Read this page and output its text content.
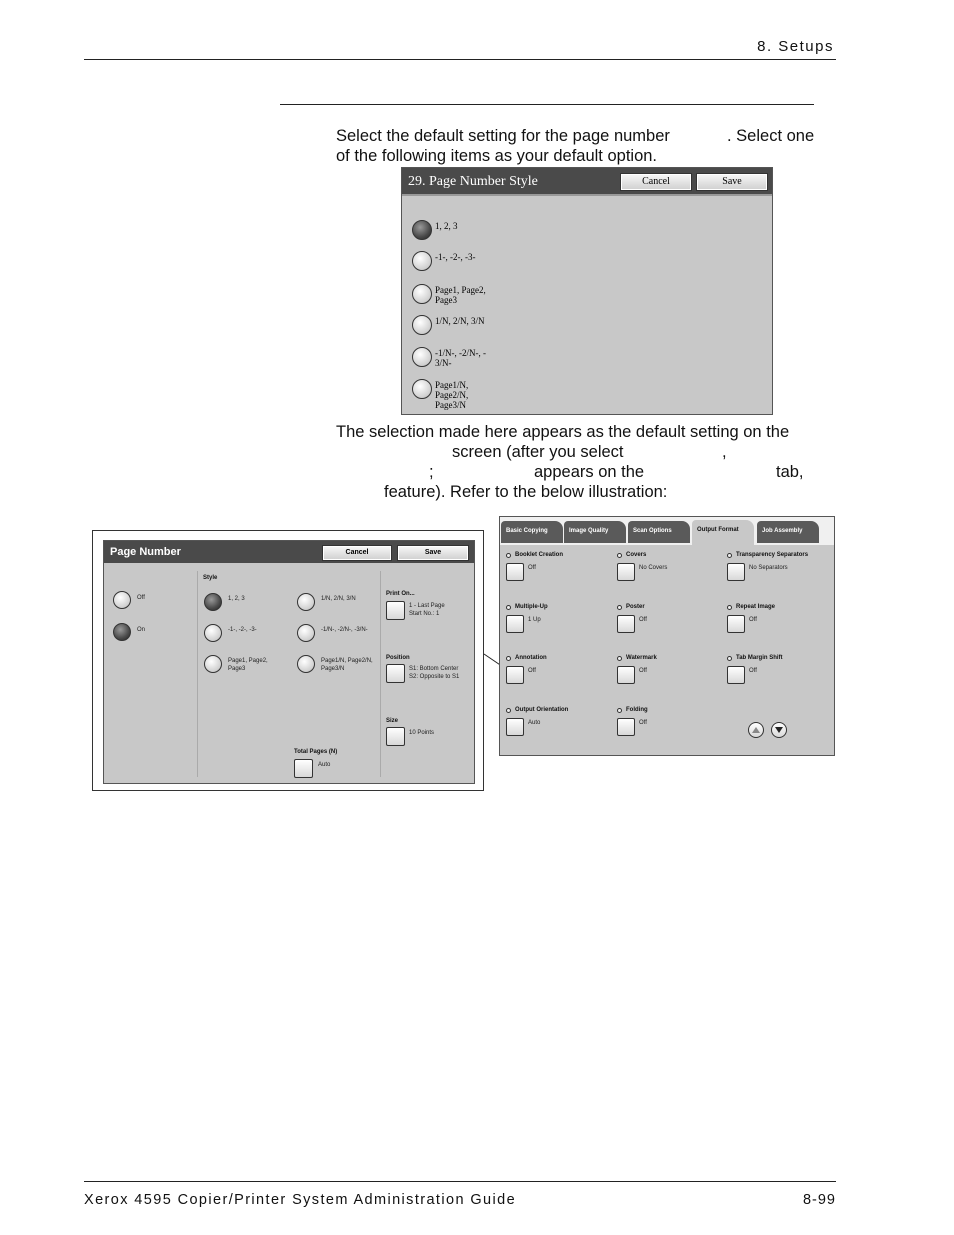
8. Setups
Select the default setting for the page number	. Select one
of the following items as your default option.
29. Page Number Style	Cancel	Save
1, 2, 3
-1-, -2-, -3-
Page1, Page2,
Page3
1/N, 2/N, 3/N
-1/N-, -2/N-, -
3/N-
Page1/N,
Page2/N,
Page3/N
The selection made here appears as the default setting on the
screen (after you select	,
;	appears on the	tab,
feature). Refer to the below illustration:
Page Number	Cancel	Save
Off
On
Style
1, 2, 3	1/N, 2/N, 3/N
-1-, -2-, -3-	-1/N-, -2/N-, -3/N-
Page1, Page2,
Page3
Page1/N, Page2/N,
Page3/N
Print On...
1 - Last Page
Start No.: 1
Position
S1: Bottom Center
S2: Opposite to S1
Size
10 Points
Total Pages (N)
Auto
Basic Copying	Image Quality	Scan Options	Output Format	Job Assembly
Booklet Creation
Off
Covers
No Covers
Transparency Separators
No Separators
Multiple-Up
1 Up
Poster
Off
Repeat Image
Off
Annotation
Off
Watermark
Off
Tab Margin Shift
Off
Output Orientation
Auto
Folding
Off
Xerox 4595 Copier/Printer System Administration Guide	8-99
